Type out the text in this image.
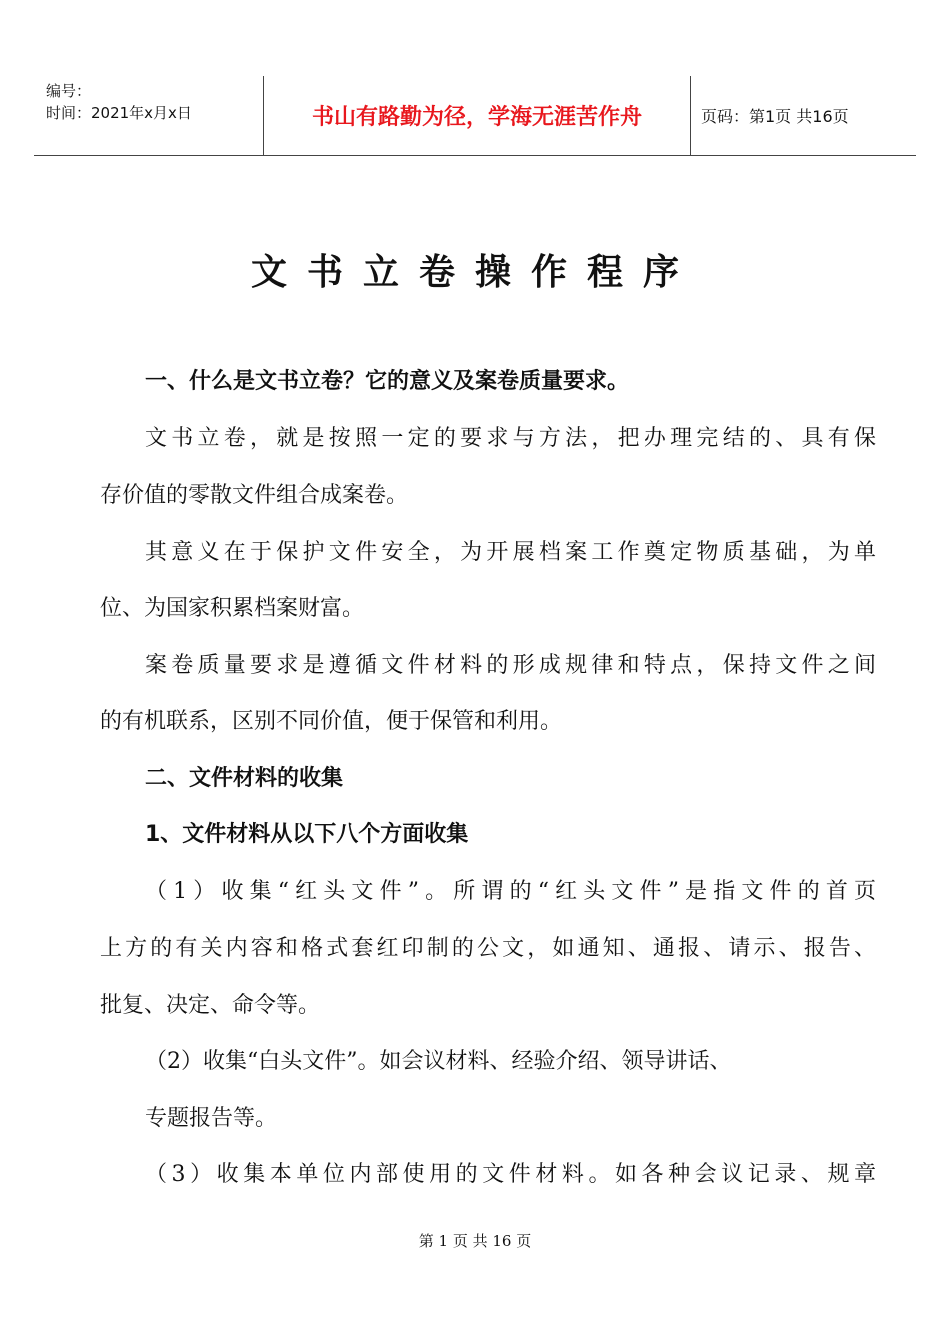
编号：
时间：2021年x月x日	书山有路勤为径，学海无涯苦作舟	页码：第1页 共16页
文书立卷操作程序
一、什么是文书立卷？它的意义及案卷质量要求。
文书立卷，就是按照一定的要求与方法，把办理完结的、具有保
存价值的零散文件组合成案卷。
其意义在于保护文件安全，为开展档案工作奠定物质基础，为单
位、为国家积累档案财富。
案卷质量要求是遵循文件材料的形成规律和特点，保持文件之间
的有机联系，区别不同价值，便于保管和利用。
二、文件材料的收集
1、文件材料从以下八个方面收集
（1）收集“红头文件”。所谓的“红头文件”是指文件的首页
上方的有关内容和格式套红印制的公文，如通知、通报、请示、报告、
批复、决定、命令等。
（2）收集“白头文件”。如会议材料、经验介绍、领导讲话、
专题报告等。
（3）收集本单位内部使用的文件材料。如各种会议记录、规章
第 1 页 共 16 页
